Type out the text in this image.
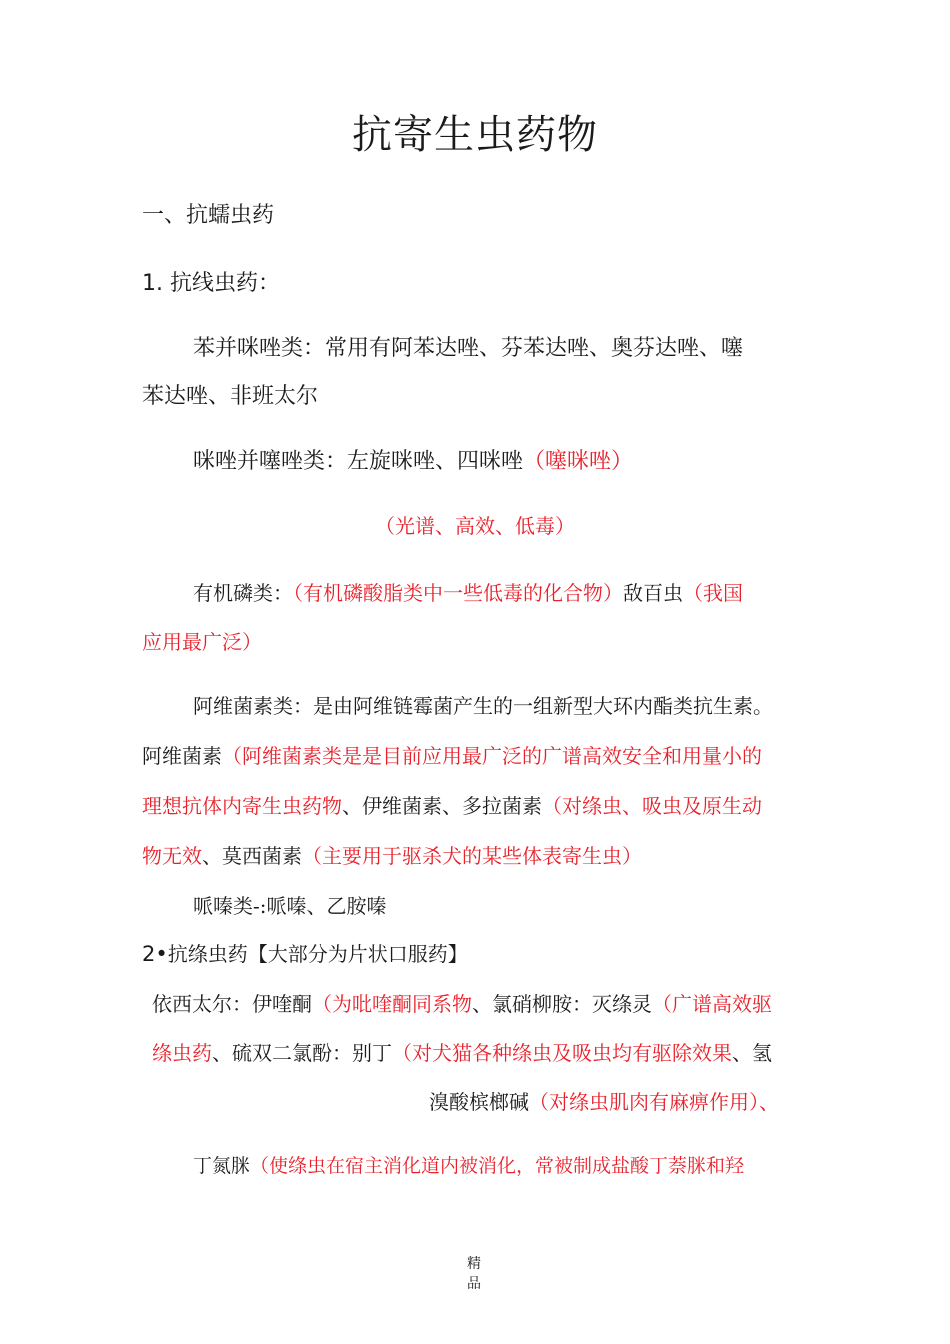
抗寄生虫药物
一、抗蠕虫药
1. 抗线虫药：
苯并咪唑类：常用有阿苯达唑、芬苯达唑、奥芬达唑、噻
苯达唑、非班太尔
咪唑并噻唑类：左旋咪唑、四咪唑（噻咪唑）
（光谱、高效、低毒）
有机磷类：（有机磷酸脂类中一些低毒的化合物）敌百虫（我国
应用最广泛）
阿维菌素类：是由阿维链霉菌产生的一组新型大环内酯类抗生素。
阿维菌素（阿维菌素类是是目前应用最广泛的广谱高效安全和用量小的
理想抗体内寄生虫药物、伊维菌素、多拉菌素（对绦虫、吸虫及原生动
物无效、莫西菌素（主要用于驱杀犬的某些体表寄生虫）
哌嗪类-:哌嗪、乙胺嗪
2•抗绦虫药【大部分为片状口服药】
依西太尔：伊喹酮（为吡喹酮同系物、氯硝柳胺：灭绦灵（广谱高效驱
绦虫药、硫双二氯酚：别丁（对犬猫各种绦虫及吸虫均有驱除效果、氢
溴酸槟榔碱（对绦虫肌肉有麻痹作用）、
丁氮脒（使绦虫在宿主消化道内被消化，常被制成盐酸丁萘脒和羟
精
品
